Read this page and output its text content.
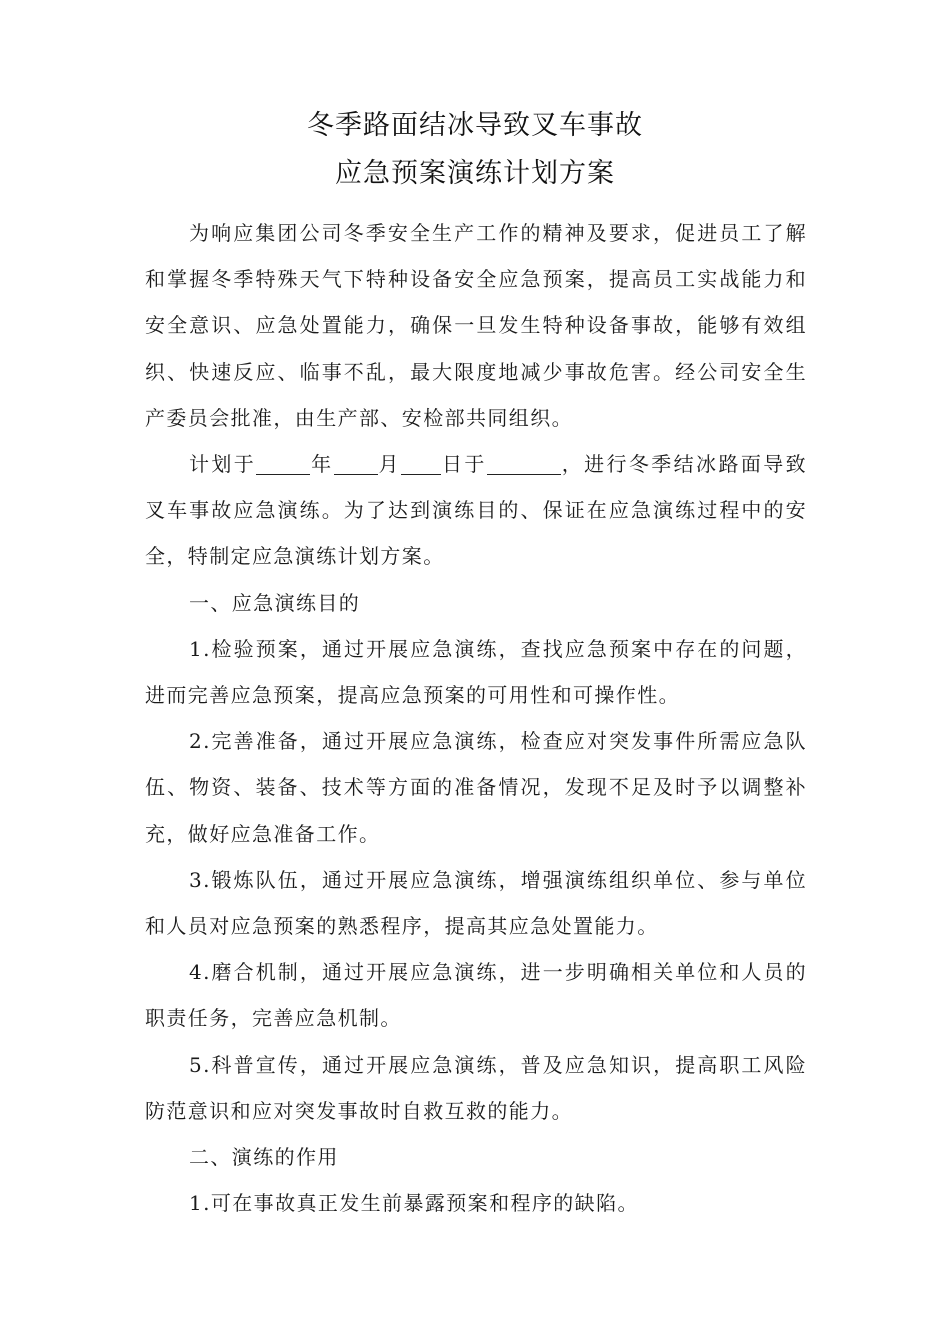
冬季路面结冰导致叉车事故
应急预案演练计划方案

为响应集团公司冬季安全生产工作的精神及要求，促进员工了解和掌握冬季特殊天气下特种设备安全应急预案，提高员工实战能力和安全意识、应急处置能力，确保一旦发生特种设备事故，能够有效组织、快速反应、临事不乱，最大限度地减少事故危害。经公司安全生产委员会批准，由生产部、安检部共同组织。

计划于	年 月 日于	，进行冬季结冰路面导致叉车事故应急演练。为了达到演练目的、保证在应急演练过程中的安全，特制定应急演练计划方案。

一、应急演练目的

1.检验预案，通过开展应急演练，查找应急预案中存在的问题，进而完善应急预案，提高应急预案的可用性和可操作性。

2.完善准备，通过开展应急演练，检查应对突发事件所需应急队伍、物资、装备、技术等方面的准备情况，发现不足及时予以调整补充，做好应急准备工作。

3.锻炼队伍，通过开展应急演练，增强演练组织单位、参与单位和人员对应急预案的熟悉程序，提高其应急处置能力。

4.磨合机制，通过开展应急演练，进一步明确相关单位和人员的职责任务，完善应急机制。

5.科普宣传，通过开展应急演练，普及应急知识，提高职工风险防范意识和应对突发事故时自救互救的能力。

二、演练的作用

1.可在事故真正发生前暴露预案和程序的缺陷。
